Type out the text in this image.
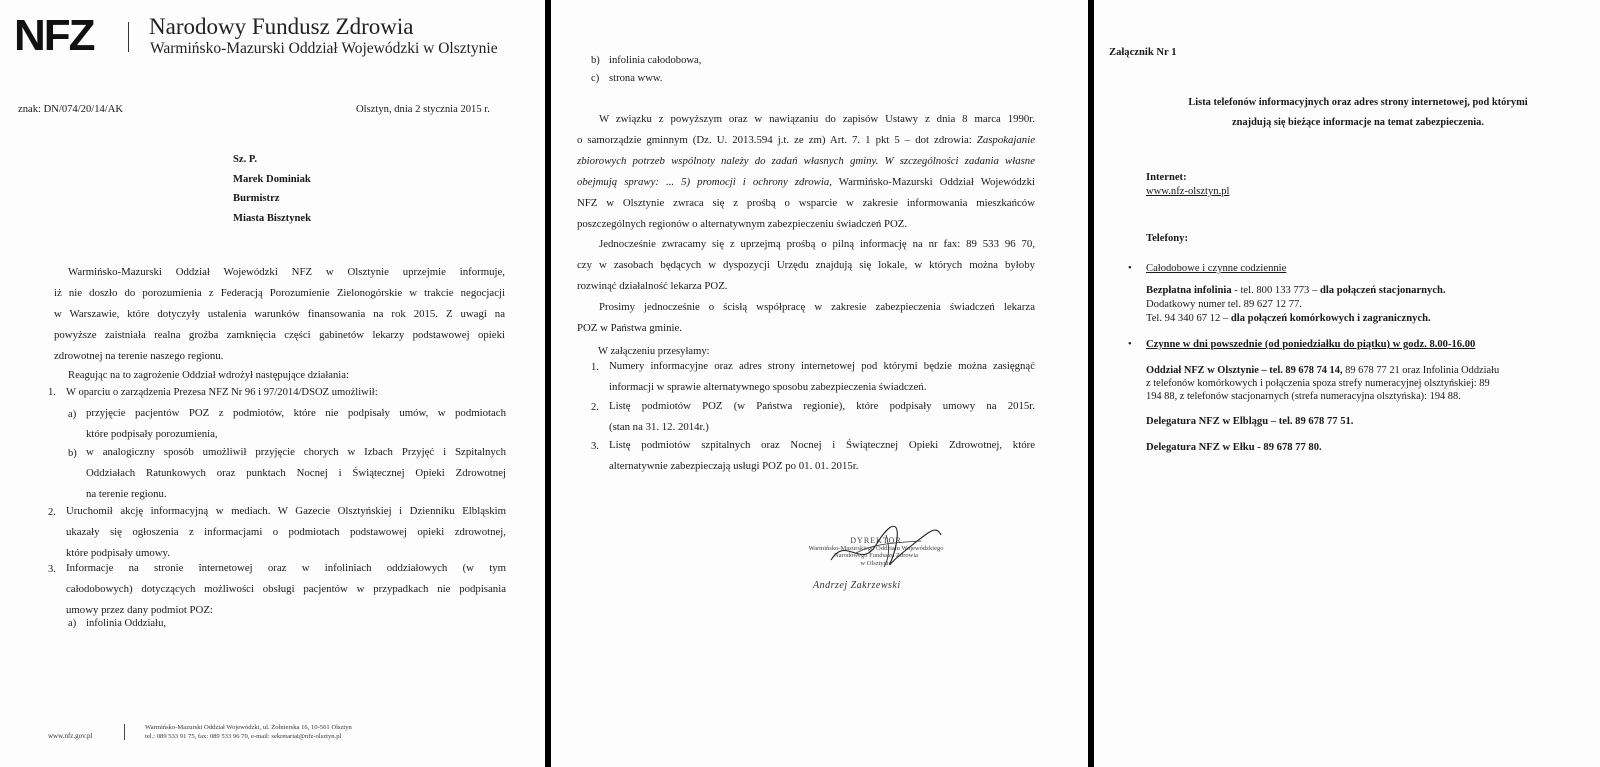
NFZ Narodowy Fundusz Zdrowia
Warmińsko-Mazurski Oddział Wojewódzki w Olsztynie
znak: DN/074/20/14/AK	Olsztyn, dnia 2 stycznia 2015 r.
Sz. P.
Marek Dominiak
Burmistrz
Miasta Bisztynek
Warmińsko-Mazurski Oddział Wojewódzki NFZ w Olsztynie uprzejmie informuje,
iż nie doszło do porozumienia z Federacją Porozumienie Zielonogórskie w trakcie negocjacji
w Warszawie, które dotyczyły ustalenia warunków finansowania na rok 2015. Z uwagi na
powyższe zaistniała realna groźba zamknięcia części gabinetów lekarzy podstawowej opieki
zdrowotnej na terenie naszego regionu.
Reagując na to zagrożenie Oddział wdrożył następujące działania:
1. W oparciu o zarządzenia Prezesa NFZ Nr 96 i 97/2014/DSOZ umożliwił:
a) przyjęcie pacjentów POZ z podmiotów, które nie podpisały umów, w podmiotach
które podpisały porozumienia,
b) w analogiczny sposób umożliwił przyjęcie chorych w Izbach Przyjęć i Szpitalnych
Oddziałach Ratunkowych oraz punktach Nocnej i Świątecznej Opieki Zdrowotnej
na terenie regionu.
2. Uruchomił akcję informacyjną w mediach. W Gazecie Olsztyńskiej i Dzienniku Elbląskim
ukazały się ogłoszenia z informacjami o podmiotach podstawowej opieki zdrowotnej,
które podpisały umowy.
3. Informacje na stronie internetowej oraz w infoliniach oddziałowych (w tym
całodobowych) dotyczących możliwości obsługi pacjentów w przypadkach nie podpisania
umowy przez dany podmiot POZ:
a) infolinia Oddziału,
www.nfz.gov.pl
Warmińsko-Mazurski Oddział Wojewódzki, ul. Żołnierska 16, 10-561 Olsztyn
tel.: 089 533 91 75, fax: 089 533 96 70, e-mail: sekretariat@nfz-olsztyn.pl
b) infolinia całodobowa,
c) strona www.
W związku z powyższym oraz w nawiązaniu do zapisów Ustawy z dnia 8 marca 1990r.
o samorządzie gminnym (Dz. U. 2013.594 j.t. ze zm) Art. 7. 1 pkt 5 – dot zdrowia: Zaspokajanie
zbiorowych potrzeb wspólnoty należy do zadań własnych gminy. W szczególności zadania własne
obejmują sprawy: ... 5) promocji i ochrony zdrowia, Warmińsko-Mazurski Oddział Wojewódzki
NFZ w Olsztynie zwraca się z prośbą o wsparcie w zakresie informowania mieszkańców
poszczególnych regionów o alternatywnym zabezpieczeniu świadczeń POZ.
Jednocześnie zwracamy się z uprzejmą prośbą o pilną informację na nr fax: 89 533 96 70,
czy w zasobach będących w dyspozycji Urzędu znajdują się lokale, w których można byłoby
rozwinąć działalność lekarza POZ.
Prosimy jednocześnie o ścisłą współpracę w zakresie zabezpieczenia świadczeń lekarza
POZ w Państwa gminie.
W załączeniu przesyłamy:
1. Numery informacyjne oraz adres strony internetowej pod którymi będzie można zasięgnąć
informacji w sprawie alternatywnego sposobu zabezpieczenia świadczeń.
2. Listę podmiotów POZ (w Państwa regionie), które podpisały umowy na 2015r.
(stan na 31. 12. 2014r.)
3. Listę podmiotów szpitalnych oraz Nocnej i Świątecznej Opieki Zdrowotnej, które
alternatywnie zabezpieczają usługi POZ po 01. 01. 2015r.
DYREKTOR
Warmińsko-Mazurskiego Oddziału Wojewódzkiego
Narodowego Funduszu Zdrowia
w Olsztynie
Andrzej Zakrzewski
Załącznik Nr 1
Lista telefonów informacyjnych oraz adres strony internetowej, pod którymi
znajdują się bieżące informacje na temat zabezpieczenia.
Internet:
www.nfz-olsztyn.pl
Telefony:
• Całodobowe i czynne codziennie
Bezpłatna infolinia - tel. 800 133 773 – dla połączeń stacjonarnych.
Dodatkowy numer tel. 89 627 12 77.
Tel. 94 340 67 12 – dla połączeń komórkowych i zagranicznych.
• Czynne w dni powszednie (od poniedziałku do piątku) w godz. 8.00-16.00
Oddział NFZ w Olsztynie – tel. 89 678 74 14, 89 678 77 21 oraz Infolinia Oddziału
z telefonów komórkowych i połączenia spoza strefy numeracyjnej olsztyńskiej: 89
194 88, z telefonów stacjonarnych (strefa numeracyjna olsztyńska): 194 88.
Delegatura NFZ w Elblągu – tel. 89 678 77 51.
Delegatura NFZ w Ełku - 89 678 77 80.
